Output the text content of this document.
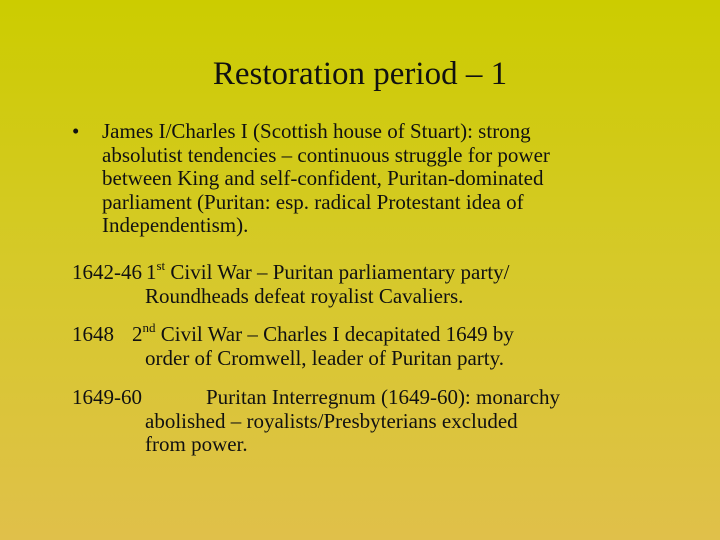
Restoration period – 1
• James I/Charles I (Scottish house of Stuart): strong
absolutist tendencies – continuous struggle for power
between King and self-confident, Puritan-dominated
parliament (Puritan: esp. radical Protestant idea of
Independentism).
1642-46 1st Civil War – Puritan parliamentary party/
Roundheads defeat royalist Cavaliers.
1648 2nd Civil War – Charles I decapitated 1649 by
order of Cromwell, leader of Puritan party.
1649-60	Puritan Interregnum (1649-60): monarchy
abolished – royalists/Presbyterians excluded
from power.
